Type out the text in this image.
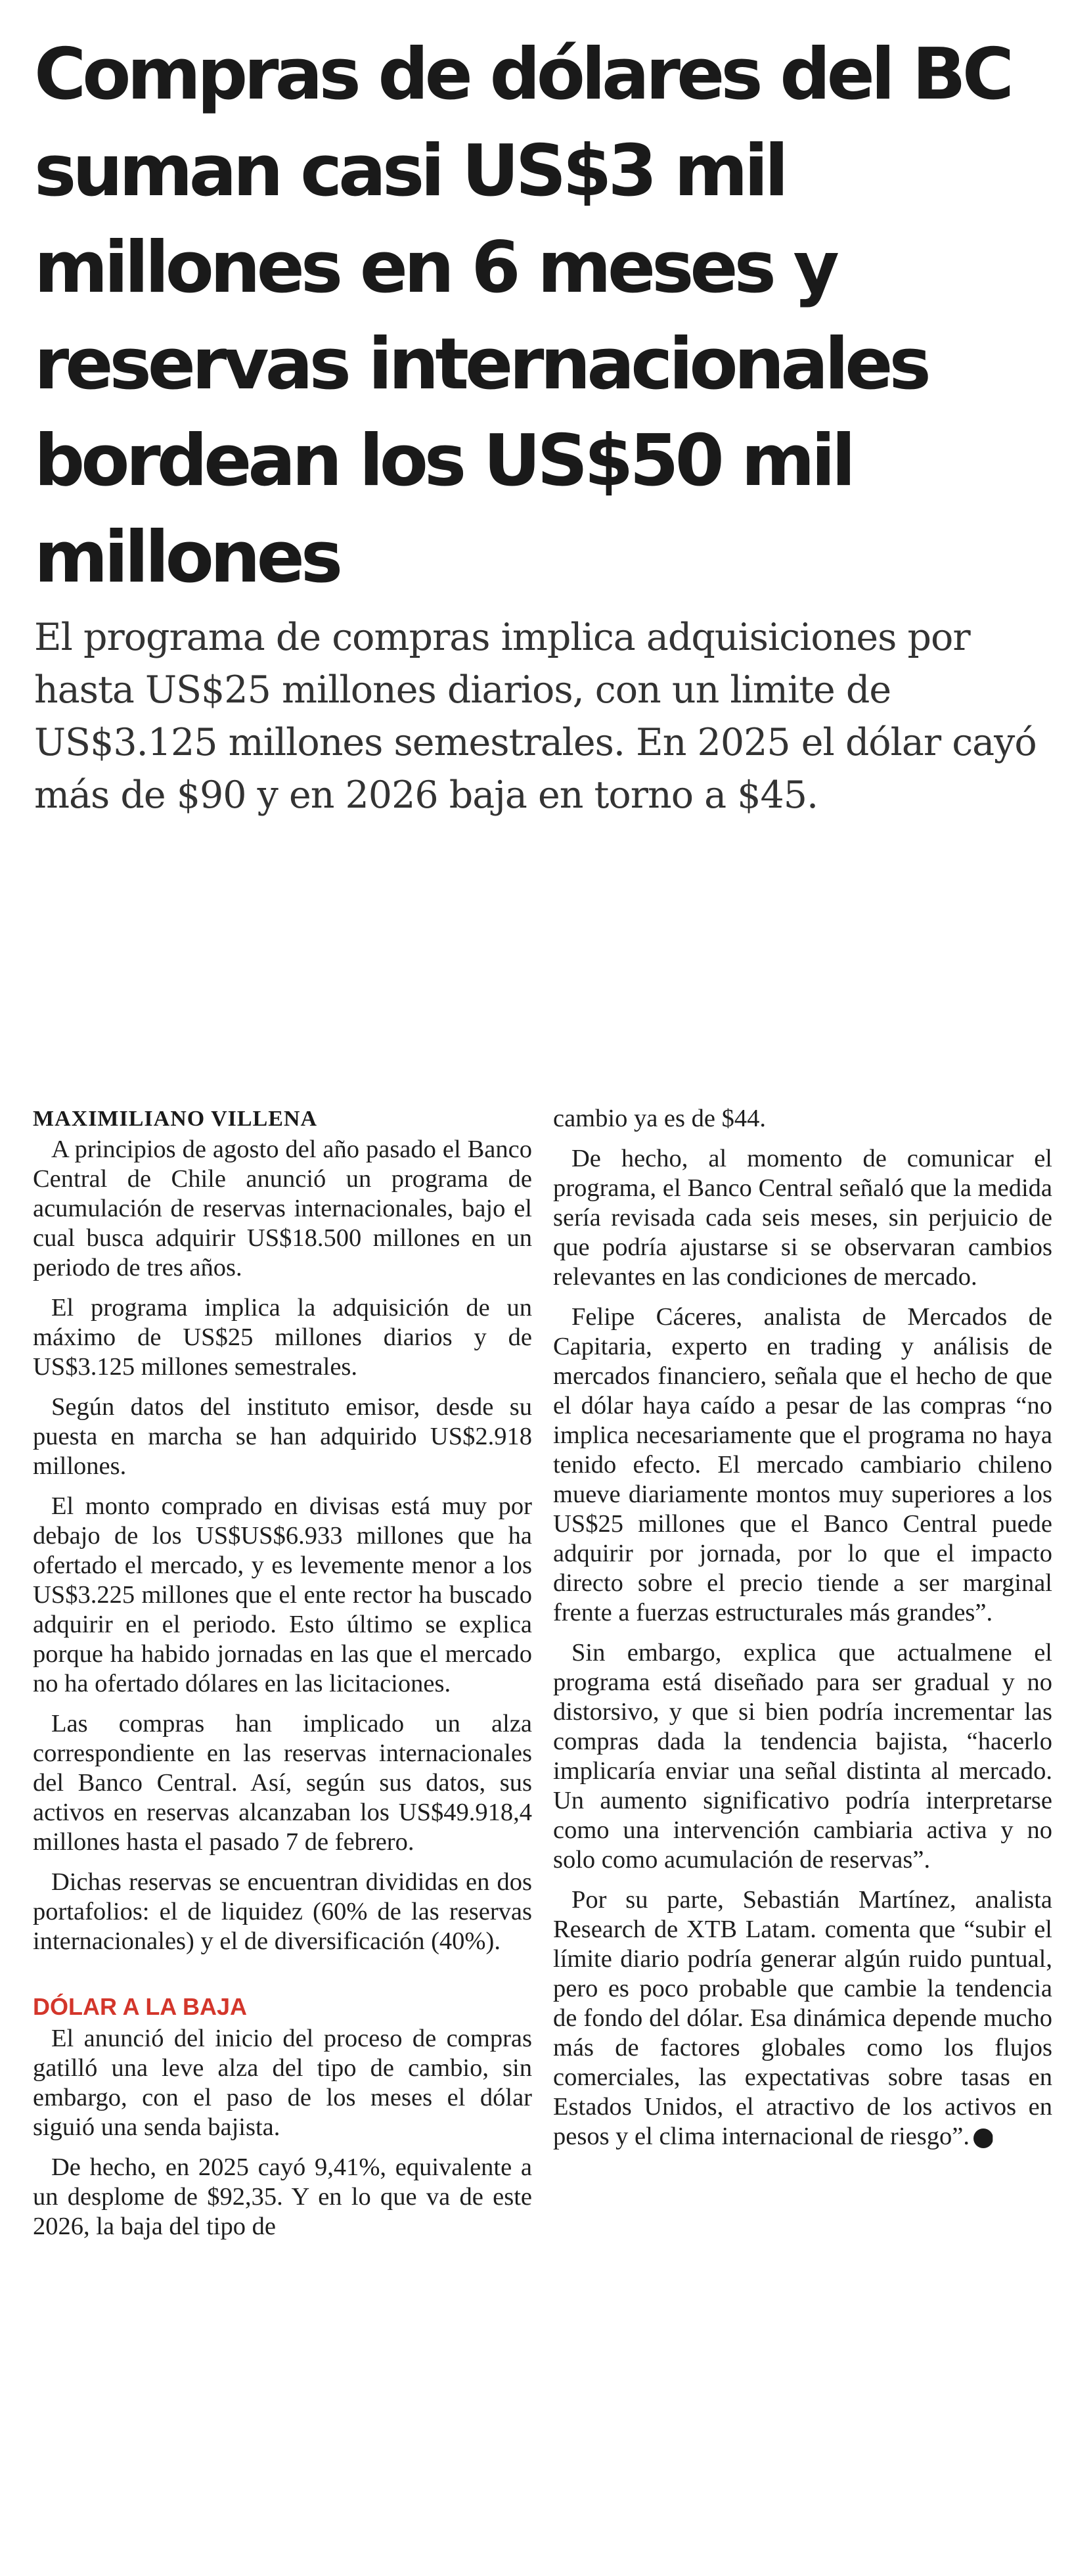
Compras de dólares del BC suman casi US$3 mil millones en 6 meses y reservas internacionales bordean los US$50 mil millones

El programa de compras implica adquisiciones por hasta US$25 millones diarios, con un limite de US$3.125 millones semestrales. En 2025 el dólar cayó más de $90 y en 2026 baja en torno a $45.

MAXIMILIANO VILLENA

A principios de agosto del año pasado el Banco Central de Chile anunció un programa de acumulación de reservas internacionales, bajo el cual busca adquirir US$18.500 millones en un periodo de tres años.

El programa implica la adquisición de un máximo de US$25 millones diarios y de US$3.125 millones semestrales.

Según datos del instituto emisor, desde su puesta en marcha se han adquirido US$2.918 millones.

El monto comprado en divisas está muy por debajo de los US$US$6.933 millones que ha ofertado el mercado, y es levemente menor a los US$3.225 millones que el ente rector ha buscado adquirir en el periodo. Esto último se explica porque ha habido jornadas en las que el mercado no ha ofertado dólares en las licitaciones.

Las compras han implicado un alza correspondiente en las reservas internacionales del Banco Central. Así, según sus datos, sus activos en reservas alcanzaban los US$49.918,4 millones hasta el pasado 7 de febrero.

Dichas reservas se encuentran divididas en dos portafolios: el de liquidez (60% de las reservas internacionales) y el de diversificación (40%).

DÓLAR A LA BAJA

El anunció del inicio del proceso de compras gatilló una leve alza del tipo de cambio, sin embargo, con el paso de los meses el dólar siguió una senda bajista.

De hecho, en 2025 cayó 9,41%, equivalente a un desplome de $92,35. Y en lo que va de este 2026, la baja del tipo de

cambio ya es de $44.

De hecho, al momento de comunicar el programa, el Banco Central señaló que la medida sería revisada cada seis meses, sin perjuicio de que podría ajustarse si se observaran cambios relevantes en las condiciones de mercado.

Felipe Cáceres, analista de Mercados de Capitaria, experto en trading y análisis de mercados financiero, señala que el hecho de que el dólar haya caído a pesar de las compras “no implica necesariamente que el programa no haya tenido efecto. El mercado cambiario chileno mueve diariamente montos muy superiores a los US$25 millones que el Banco Central puede adquirir por jornada, por lo que el impacto directo sobre el precio tiende a ser marginal frente a fuerzas estructurales más grandes”.

Sin embargo, explica que actualmene el programa está diseñado para ser gradual y no distorsivo, y que si bien podría incrementar las compras dada la tendencia bajista, “hacerlo implicaría enviar una señal distinta al mercado. Un aumento significativo podría interpretarse como una intervención cambiaria activa y no solo como acumulación de reservas”.

Por su parte, Sebastián Martínez, analista Research de XTB Latam. comenta que “subir el límite diario podría generar algún ruido puntual, pero es poco probable que cambie la tendencia de fondo del dólar. Esa dinámica depende mucho más de factores globales como los flujos comerciales, las expectativas sobre tasas en Estados Unidos, el atractivo de los activos en pesos y el clima internacional de riesgo”. P
